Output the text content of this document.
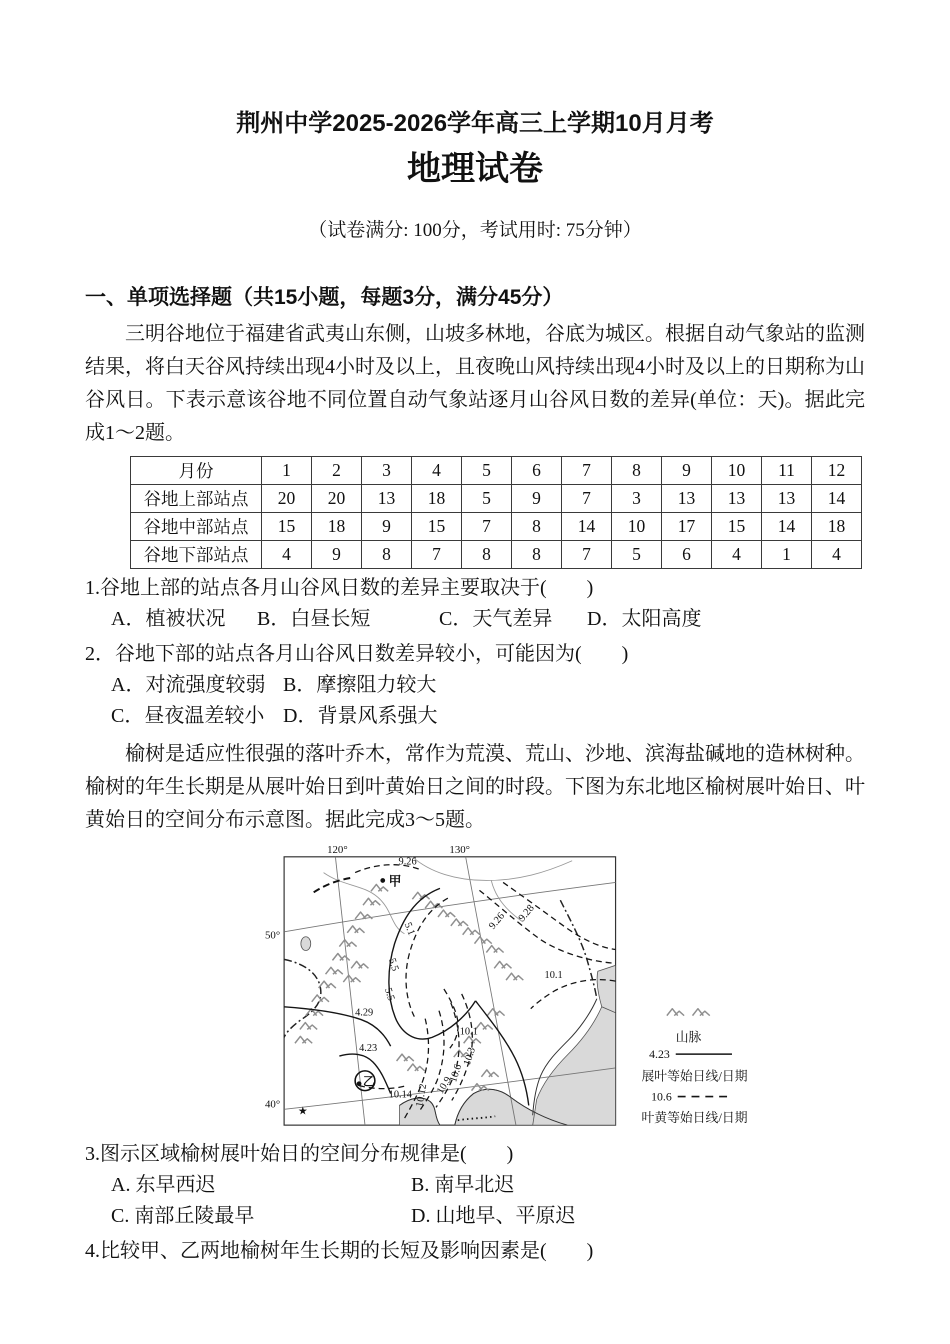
荆州中学2025-2026学年高三上学期10月月考
地理试卷
（试卷满分: 100分，考试用时: 75分钟）
一、单项选择题（共15小题，每题3分，满分45分）

三明谷地位于福建省武夷山东侧，山坡多林地，谷底为城区。根据自动气象站的监测结果，将白天谷风持续出现4小时及以上，且夜晚山风持续出现4小时及以上的日期称为山谷风日。下表示意该谷地不同位置自动气象站逐月山谷风日数的差异(单位：天)。据此完成1～2题。

月份	1	2	3	4	5	6	7	8	9	10	11	12
谷地上部站点	20	20	13	18	5	9	7	3	13	13	13	14
谷地中部站点	15	18	9	15	7	8	14	10	17	15	14	18
谷地下部站点	4	9	8	7	8	8	7	5	6	4	1	4
1.谷地上部的站点各月山谷风日数的差异主要取决于(　　)
A．植被状况 B．白昼长短	C．天气差异 D．太阳高度
2．谷地下部的站点各月山谷风日数差异较小，可能因为(　　)
A．对流强度较弱 B．摩擦阻力较大
C．昼夜温差较小 D．背景风系强大

榆树是适应性很强的落叶乔木，常作为荒漠、荒山、沙地、滨海盐碱地的造林树种。榆树的年生长期是从展叶始日到叶黄始日之间的时段。下图为东北地区榆树展叶始日、叶黄始日的空间分布示意图。据此完成3～5题。

120°	130°
50°
40°
9.26
5.1
5.5
5.5
4.29
4.23
9.26 9.28
10.1
10.1
10.3
10.6
10.9
10.12
10.14
甲
乙
★
山脉
4.23
展叶等始日线/日期
10.6
叶黄等始日线/日期
3.图示区域榆树展叶始日的空间分布规律是(　　)
A. 东早西迟	B. 南早北迟
C. 南部丘陵最早	D. 山地早、平原迟
4.比较甲、乙两地榆树年生长期的长短及影响因素是(　　)
